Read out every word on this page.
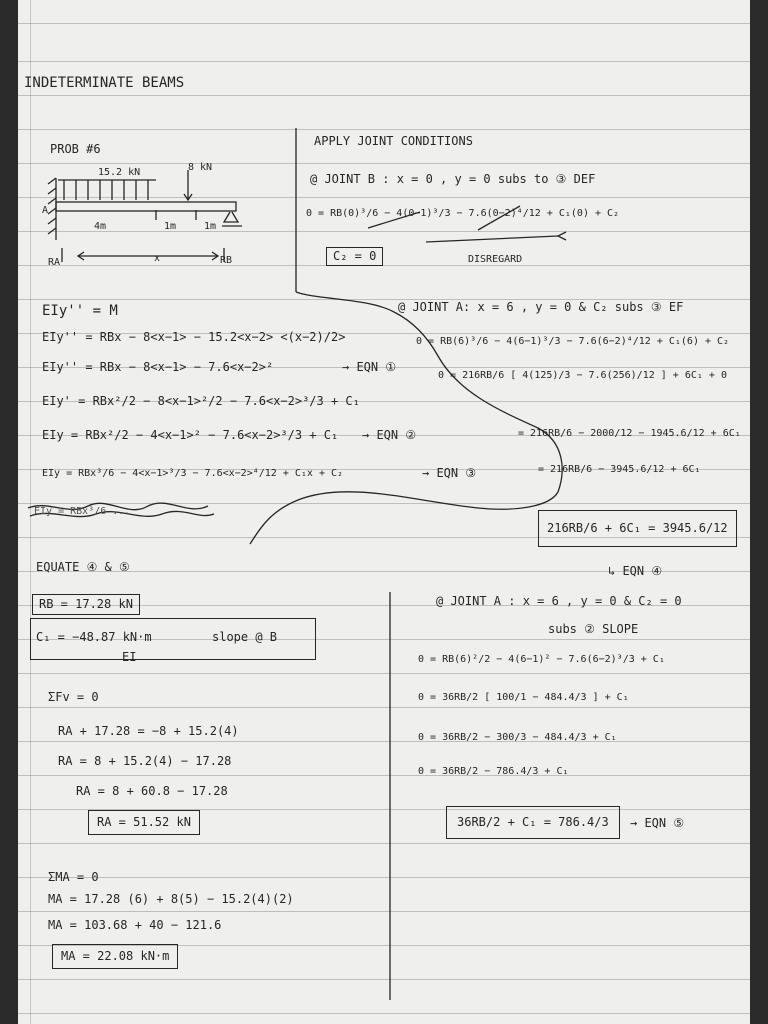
INDETERMINATE BEAMS
PROB #6
15.2 kN	8 kN
4m	1m	1m
A
RA	x	RB
APPLY JOINT CONDITIONS
@ JOINT B : x = 0 , y = 0 subs to ③ DEF
0 = RB(0)³/6 − 4(0−1)³/3 − 7.6(0−2)⁴/12 + C₁(0) + C₂
C₂ = 0	DISREGARD
EIy'' = M
EIy'' = RBx − 8<x−1> − 15.2<x−2> <(x−2)/2>
EIy'' = RBx − 8<x−1> − 7.6<x−2>²	→ EQN ①
EIy' = RBx²/2 − 8<x−1>²/2 − 7.6<x−2>³/3 + C₁
EIy = RBx²/2 − 4<x−1>² − 7.6<x−2>³/3 + C₁ → EQN ②
EIy = RBx³/6 − 4<x−1>³/3 − 7.6<x−2>⁴/12 + C₁x + C₂	→ EQN ③
EIy = RBx³/6 ...
@ JOINT A: x = 6 , y = 0 & C₂ subs ③ EF
0 = RB(6)³/6 − 4(6−1)³/3 − 7.6(6−2)⁴/12 + C₁(6) + C₂
0 = 216RB/6 [ 4(125)/3 − 7.6(256)/12 ] + 6C₁ + 0
= 216RB/6 − 2000/12 − 1945.6/12 + 6C₁
= 216RB/6 − 3945.6/12 + 6C₁
216RB/6 + 6C₁ = 3945.6/12
↳ EQN ④
EQUATE ④ & ⑤
RB = 17.28 kN
C₁ = −48.87 kN·m	slope @ B
EI
@ JOINT A : x = 6 , y = 0 & C₂ = 0
subs ② SLOPE
0 = RB(6)²/2 − 4(6−1)² − 7.6(6−2)³/3 + C₁
0 = 36RB/2 [ 100/1 − 484.4/3 ] + C₁
0 = 36RB/2 − 300/3 − 484.4/3 + C₁
0 = 36RB/2 − 786.4/3 + C₁
36RB/2 + C₁ = 786.4/3	→ EQN ⑤
ΣFv = 0
RA + 17.28 = −8 + 15.2(4)
RA = 8 + 15.2(4) − 17.28
RA = 8 + 60.8 − 17.28
RA = 51.52 kN
ΣMA = 0
MA = 17.28 (6) + 8(5) − 15.2(4)(2)
MA = 103.68 + 40 − 121.6
MA = 22.08 kN·m
